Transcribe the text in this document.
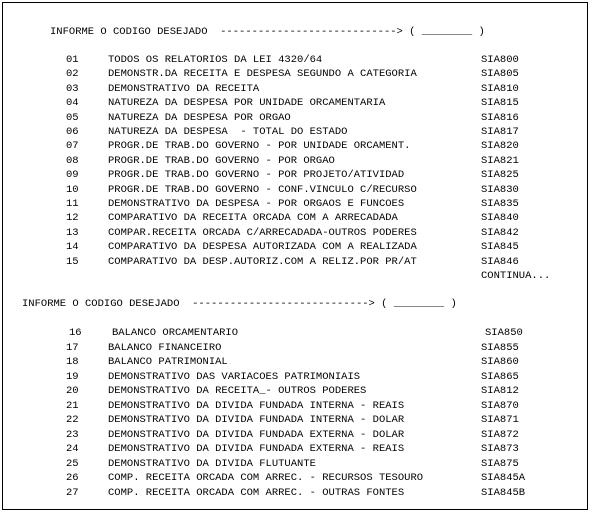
INFORME O CODIGO DESEJADO  ----------------------------> ( ________ )
01	TODOS OS RELATORIOS DA LEI 4320/64	SIA800
02	DEMONSTR.DA RECEITA E DESPESA SEGUNDO A CATEGORIA	SIA805
03	DEMONSTRATIVO DA RECEITA	SIA810
04	NATUREZA DA DESPESA POR UNIDADE ORCAMENTARIA	SIA815
05	NATUREZA DA DESPESA POR ORGAO	SIA816
06	NATUREZA DA DESPESA  - TOTAL DO ESTADO	SIA817
07	PROGR.DE TRAB.DO GOVERNO - POR UNIDADE ORCAMENT.	SIA820
08	PROGR.DE TRAB.DO GOVERNO - POR ORGAO	SIA821
09	PROGR.DE TRAB.DO GOVERNO - POR PROJETO/ATIVIDAD	SIA825
10	PROGR.DE TRAB.DO GOVERNO - CONF.VINCULO C/RECURSO	SIA830
11	DEMONSTRATIVO DA DESPESA - POR ORGAOS E FUNCOES	SIA835
12	COMPARATIVO DA RECEITA ORCADA COM A ARRECADADA	SIA840
13	COMPAR.RECEITA ORCADA C/ARRECADADA-OUTROS PODERES	SIA842
14	COMPARATIVO DA DESPESA AUTORIZADA COM A REALIZADA	SIA845
15	COMPARATIVO DA DESP.AUTORIZ.COM A RELIZ.POR PR/AT	SIA846
CONTINUA...
INFORME O CODIGO DESEJADO  ----------------------------> ( ________ )
16	BALANCO ORCAMENTARIO	SIA850
17	BALANCO FINANCEIRO	SIA855
18	BALANCO PATRIMONIAL	SIA860
19	DEMONSTRATIVO DAS VARIACOES PATRIMONIAIS	SIA865
20	DEMONSTRATIVO DA RECEITA_- OUTROS PODERES	SIA812
21	DEMONSTRATIVO DA DIVIDA FUNDADA INTERNA - REAIS	SIA870
22	DEMONSTRATIVO DA DIVIDA FUNDADA INTERNA - DOLAR	SIA871
23	DEMONSTRATIVO DA DIVIDA FUNDADA EXTERNA - DOLAR	SIA872
24	DEMONSTRATIVO DA DIVIDA FUNDADA EXTERNA - REAIS	SIA873
25	DEMONSTRATIVO DA DIVIDA FLUTUANTE	SIA875
26	COMP. RECEITA ORCADA COM ARREC. - RECURSOS TESOURO	SIA845A
27	COMP. RECEITA ORCADA COM ARREC. - OUTRAS FONTES	SIA845B
